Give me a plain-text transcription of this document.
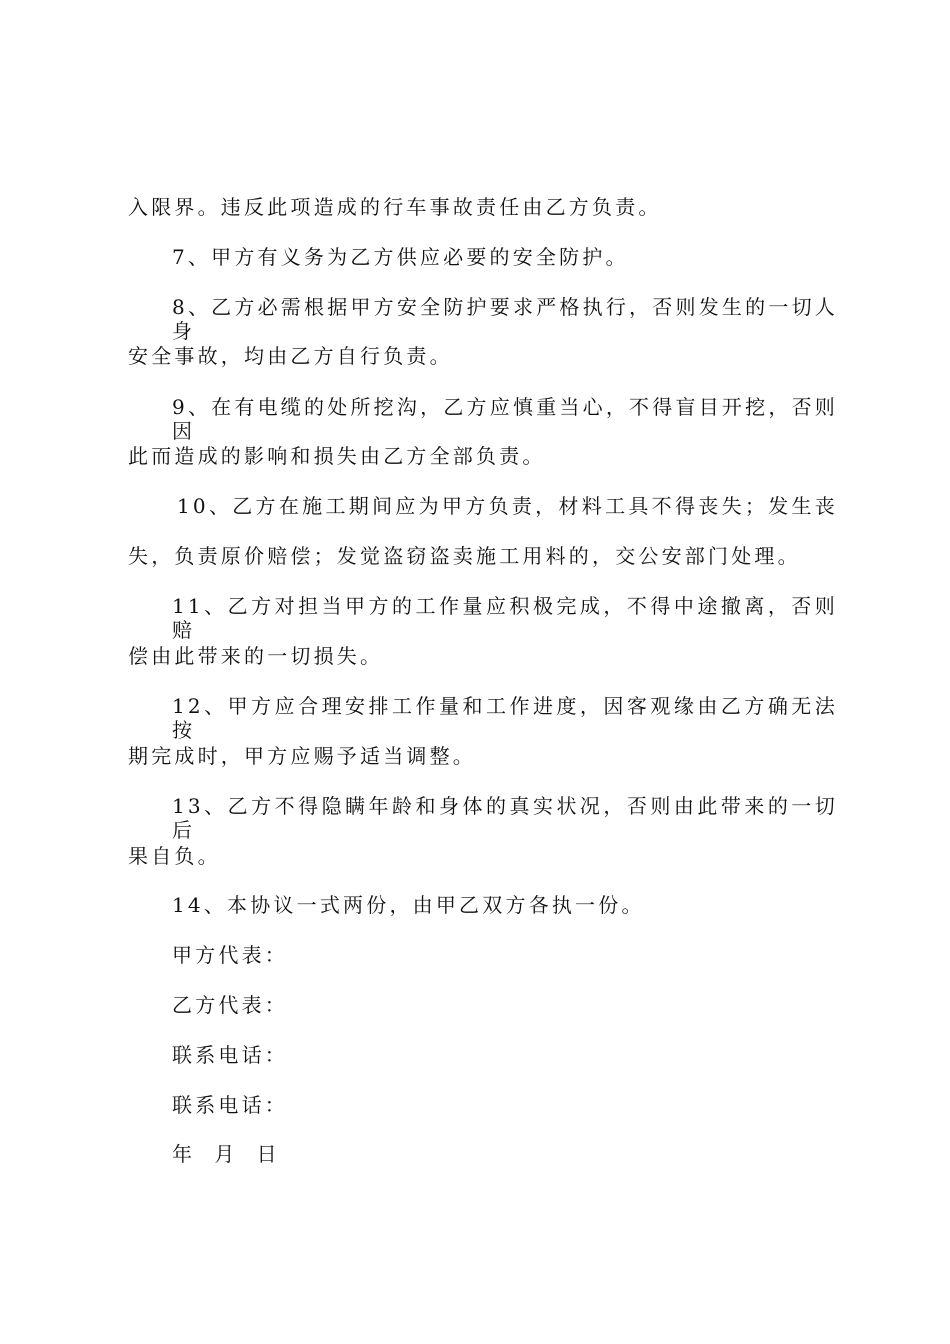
入限界。违反此项造成的行车事故责任由乙方负责。
7、甲方有义务为乙方供应必要的安全防护。
8、乙方必需根据甲方安全防护要求严格执行，否则发生的一切人身
安全事故，均由乙方自行负责。
9、在有电缆的处所挖沟，乙方应慎重当心，不得盲目开挖，否则因
此而造成的影响和损失由乙方全部负责。
10、乙方在施工期间应为甲方负责，材料工具不得丧失；发生丧
失，负责原价赔偿；发觉盗窃盗卖施工用料的，交公安部门处理。
11、乙方对担当甲方的工作量应积极完成，不得中途撤离，否则赔
偿由此带来的一切损失。
12、甲方应合理安排工作量和工作进度，因客观缘由乙方确无法按
期完成时，甲方应赐予适当调整。
13、乙方不得隐瞒年龄和身体的真实状况，否则由此带来的一切后
果自负。
14、本协议一式两份，由甲乙双方各执一份。
甲方代表：
乙方代表：
联系电话：
联系电话：
年  月  日
